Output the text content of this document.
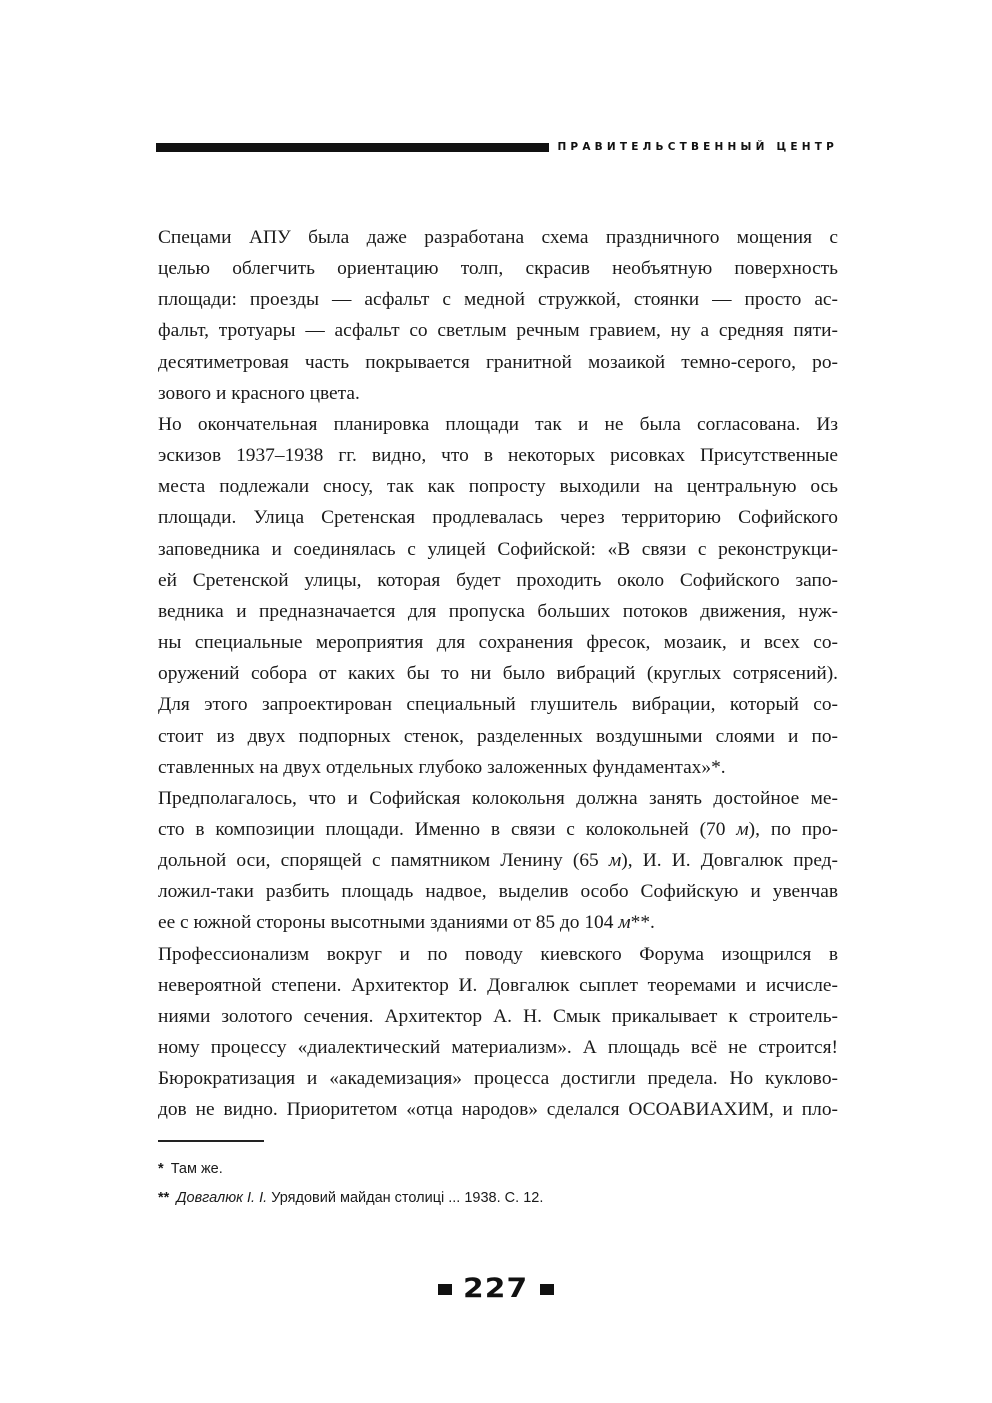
ПРАВИТЕЛЬСТВЕННЫЙ ЦЕНТР
Спецами АПУ была даже разработана схема праздничного мощения с
целью облегчить ориентацию толп, скрасив необъятную поверхность
площади: проезды — асфальт с медной стружкой, стоянки — просто ас-
фальт, тротуары — асфальт со светлым речным гравием, ну а средняя пяти-
десятиметровая часть покрывается гранитной мозаикой темно-серого, ро-
зового и красного цвета.
Но окончательная планировка площади так и не была согласована. Из
эскизов 1937–1938 гг. видно, что в некоторых рисовках Присутственные
места подлежали сносу, так как попросту выходили на центральную ось
площади. Улица Сретенская продлевалась через территорию Софийского
заповедника и соединялась с улицей Софийской: «В связи с реконструкци-
ей Сретенской улицы, которая будет проходить около Софийского запо-
ведника и предназначается для пропуска больших потоков движения, нуж-
ны специальные мероприятия для сохранения фресок, мозаик, и всех со-
оружений собора от каких бы то ни было вибраций (круглых сотрясений).
Для этого запроектирован специальный глушитель вибрации, который со-
стоит из двух подпорных стенок, разделенных воздушными слоями и по-
ставленных на двух отдельных глубоко заложенных фундаментах»*.
Предполагалось, что и Софийская колокольня должна занять достойное ме-
сто в композиции площади. Именно в связи с колокольней (70 м), по про-
дольной оси, спорящей с памятником Ленину (65 м), И. И. Довгалюк пред-
ложил-таки разбить площадь надвое, выделив особо Софийскую и увенчав
ее с южной стороны высотными зданиями от 85 до 104 м**.
Профессионализм вокруг и по поводу киевского Форума изощрился в
невероятной степени. Архитектор И. Довгалюк сыплет теоремами и исчисле-
ниями золотого сечения. Архитектор А. Н. Смык прикалывает к строитель-
ному процессу «диалектический материализм». А площадь всё не строится!
Бюрократизация и «академизация» процесса достигли предела. Но кукловo-
дов не видно. Приоритетом «отца народов» сделался ОСОАВИАХИМ, и пло-
* Там же.
** Довгалюк І. І. Урядовий майдан столиці ... 1938. С. 12.
227
